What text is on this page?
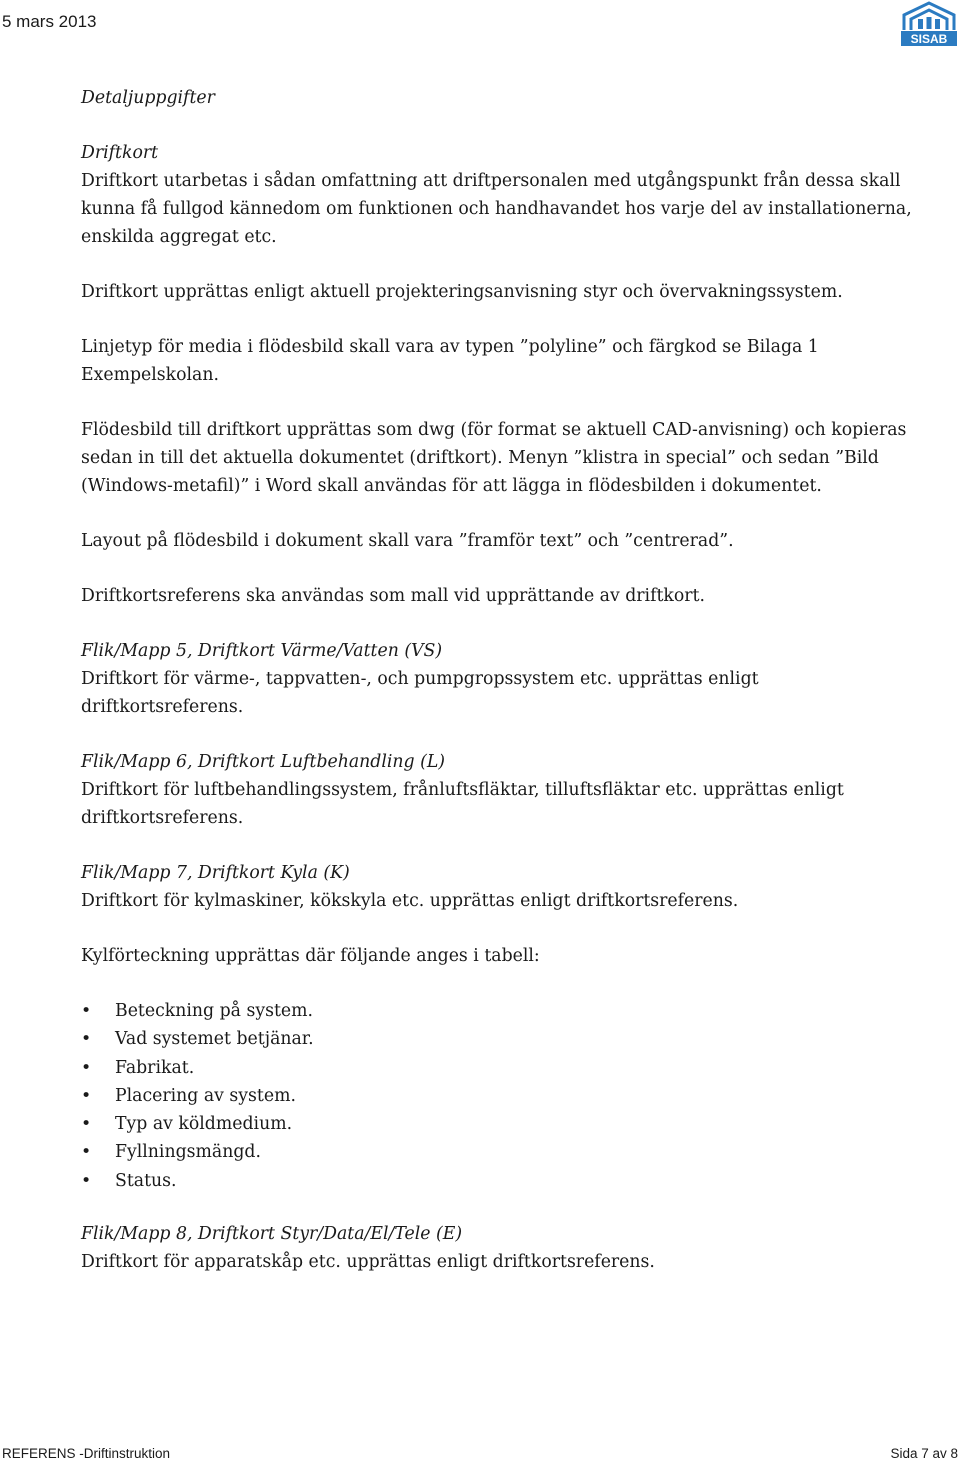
5 mars 2013
SISAB

Detaljuppgifter

Driftkort

Driftkort utarbetas i sådan omfattning att driftpersonalen med utgångspunkt från dessa skall kunna få fullgod kännedom om funktionen och handhavandet hos varje del av installationerna, enskilda aggregat etc.

Driftkort upprättas enligt aktuell projekteringsanvisning styr och övervakningssystem.

Linjetyp för media i flödesbild skall vara av typen ”polyline” och färgkod se Bilaga 1 Exempelskolan.

Flödesbild till driftkort upprättas som dwg (för format se aktuell CAD-anvisning) och kopieras sedan in till det aktuella dokumentet (driftkort). Menyn ”klistra in special” och sedan ”Bild (Windows-metafil)” i Word skall användas för att lägga in flödesbilden i dokumentet.

Layout på flödesbild i dokument skall vara ”framför text” och ”centrerad”.

Driftkortsreferens ska användas som mall vid upprättande av driftkort.

Flik/Mapp 5, Driftkort Värme/Vatten (VS)

Driftkort för värme-, tappvatten-, och pumpgropssystem etc. upprättas enligt driftkortsreferens.

Flik/Mapp 6, Driftkort Luftbehandling (L)

Driftkort för luftbehandlingssystem, frånluftsfläktar, tilluftsfläktar etc. upprättas enligt driftkortsreferens.

Flik/Mapp 7, Driftkort Kyla (K)

Driftkort för kylmaskiner, kökskyla etc. upprättas enligt driftkortsreferens.

Kylförteckning upprättas där följande anges i tabell:

• Beteckning på system.
• Vad systemet betjänar.
• Fabrikat.
• Placering av system.
• Typ av köldmedium.
• Fyllningsmängd.
• Status.

Flik/Mapp 8, Driftkort Styr/Data/El/Tele (E)

Driftkort för apparatskåp etc. upprättas enligt driftkortsreferens.

REFERENS -Driftinstruktion	Sida 7 av 8
